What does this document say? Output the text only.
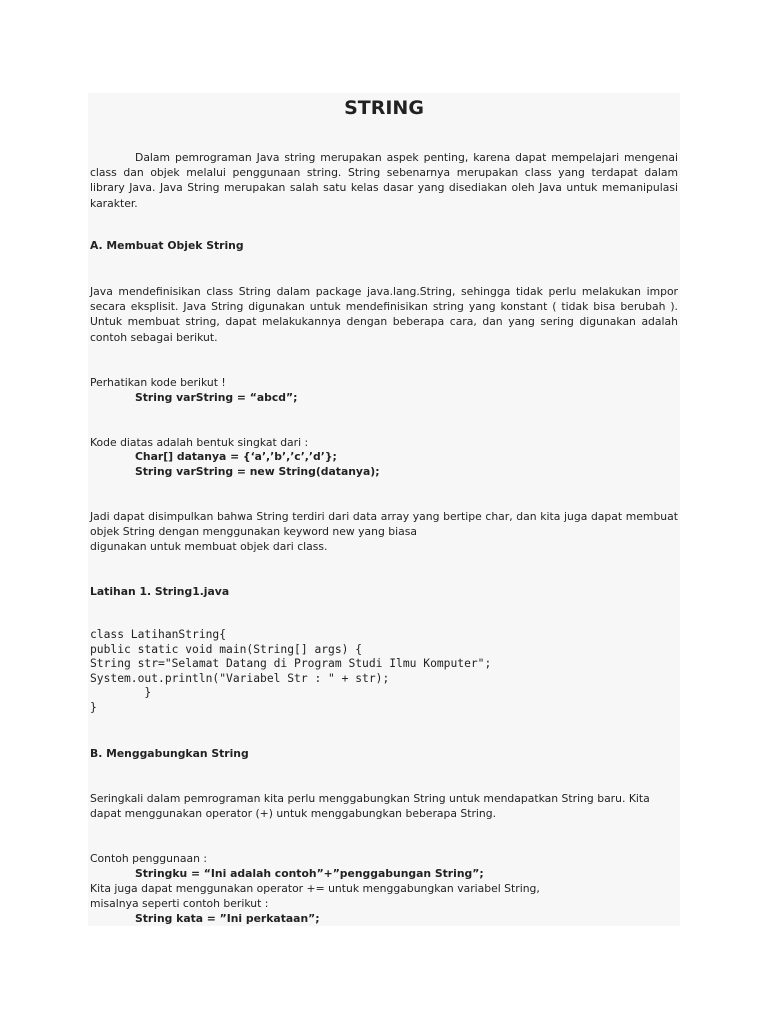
STRING

Dalam pemrograman Java string merupakan aspek penting, karena dapat mempelajari mengenai class dan objek melalui penggunaan string. String sebenarnya merupakan class yang terdapat dalam library Java. Java String merupakan salah satu kelas dasar yang disediakan oleh Java untuk memanipulasi karakter.

A. Membuat Objek String

Java mendefinisikan class String dalam package java.lang.String, sehingga tidak perlu melakukan impor secara eksplisit. Java String digunakan untuk mendefinisikan string yang konstant ( tidak bisa berubah ). Untuk membuat string, dapat melakukannya dengan beberapa cara, dan yang sering digunakan adalah contoh sebagai berikut.

Perhatikan kode berikut !
String varString = “abcd”;
Kode diatas adalah bentuk singkat dari :
Char[] datanya = {‘a’,’b’,’c’,’d’};
String varString = new String(datanya);

Jadi dapat disimpulkan bahwa String terdiri dari data array yang bertipe char, dan kita juga dapat membuat objek String dengan menggunakan keyword new yang biasa

digunakan untuk membuat objek dari class.
Latihan 1. String1.java
class LatihanString{
public static void main(String[] args) {
String str="Selamat Datang di Program Studi Ilmu Komputer";
System.out.println("Variabel Str : " + str);
}
}
B. Menggabungkan String

Seringkali dalam pemrograman kita perlu menggabungkan String untuk mendapatkan String baru. Kita dapat menggunakan operator (+) untuk menggabungkan beberapa String.

Contoh penggunaan :
Stringku = “Ini adalah contoh”+”penggabungan String”;
Kita juga dapat menggunakan operator += untuk menggabungkan variabel String,
misalnya seperti contoh berikut :
String kata = ”Ini perkataan”;
